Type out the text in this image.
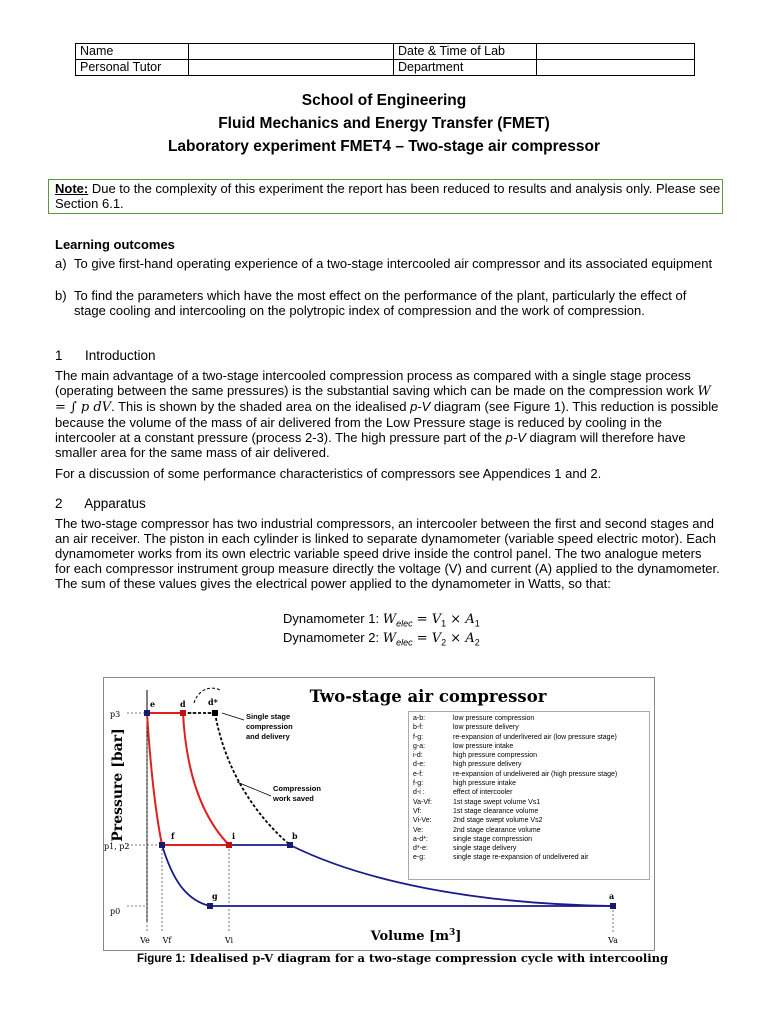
Name		Date & Time of Lab	
Personal Tutor		Department	
School of Engineering
Fluid Mechanics and Energy Transfer (FMET)
Laboratory experiment FMET4 – Two-stage air compressor
Note: Due to the complexity of this experiment the report has been reduced to results and analysis only. Please see Section 6.1.
Learning outcomes
a) To give first-hand operating experience of a two-stage intercooled air compressor and its associated equipment
b) To find the parameters which have the most effect on the performance of the plant, particularly the effect of stage cooling and intercooling on the polytropic index of compression and the work of compression.
1      Introduction
The main advantage of a two-stage intercooled compression process as compared with a single stage process (operating between the same pressures) is the substantial saving which can be made on the compression work W = ∫ p dV. This is shown by the shaded area on the idealised p-V diagram (see Figure 1). This reduction is possible because the volume of the mass of air delivered from the Low Pressure stage is reduced by cooling in the intercooler at a constant pressure (process 2-3). The high pressure part of the p-V diagram will therefore have smaller area for the same mass of air delivered.
For a discussion of some performance characteristics of compressors see Appendices 1 and 2.
2      Apparatus
The two-stage compressor has two industrial compressors, an intercooler between the first and second stages and an air receiver. The piston in each cylinder is linked to separate dynamometer (variable speed electric motor). Each dynamometer works from its own electric variable speed drive inside the control panel. The two analogue meters for each compressor instrument group measure directly the voltage (V) and current (A) applied to the dynamometer. The sum of these values gives the electrical power applied to the dynamometer in Watts, so that:
Dynamometer 1: $W_{elec} = V_1 \times A_1$
Dynamometer 2: $W_{elec} = V_2 \times A_2$
Two-stage air compressor
Pressure [bar]
Volume $[m^3]$
p3
p1, p2
p0
Ve Vf	Vi	Va
e	d	d*
f	i	b
g	a
Single stage compression and delivery
Compression work saved
a-b:	low pressure compression
b-f:	low pressure delivery
f-g:	re-expansion of underlivered air (low pressure stage)
g-a:	low pressure intake
i-d:	high pressure compression
d-e:	high pressure delivery
e-f:	re-expansion of undelivered air (high pressure stage)
f-g:	high pressure intake
d-i :	effect of intercooler
Va-Vf:	1st stage swept volume Vs1
Vf:	1st stage clearance volume
Vi-Ve:	2nd stage swept volume Vs2
Ve:	2nd stage clearance volume
a-d*:	single stage compression
d*-e:	single stage delivery
e-g:	single stage re-expansion of undelivered air
Figure 1: Idealised p-V diagram for a two-stage compression cycle with intercooling
